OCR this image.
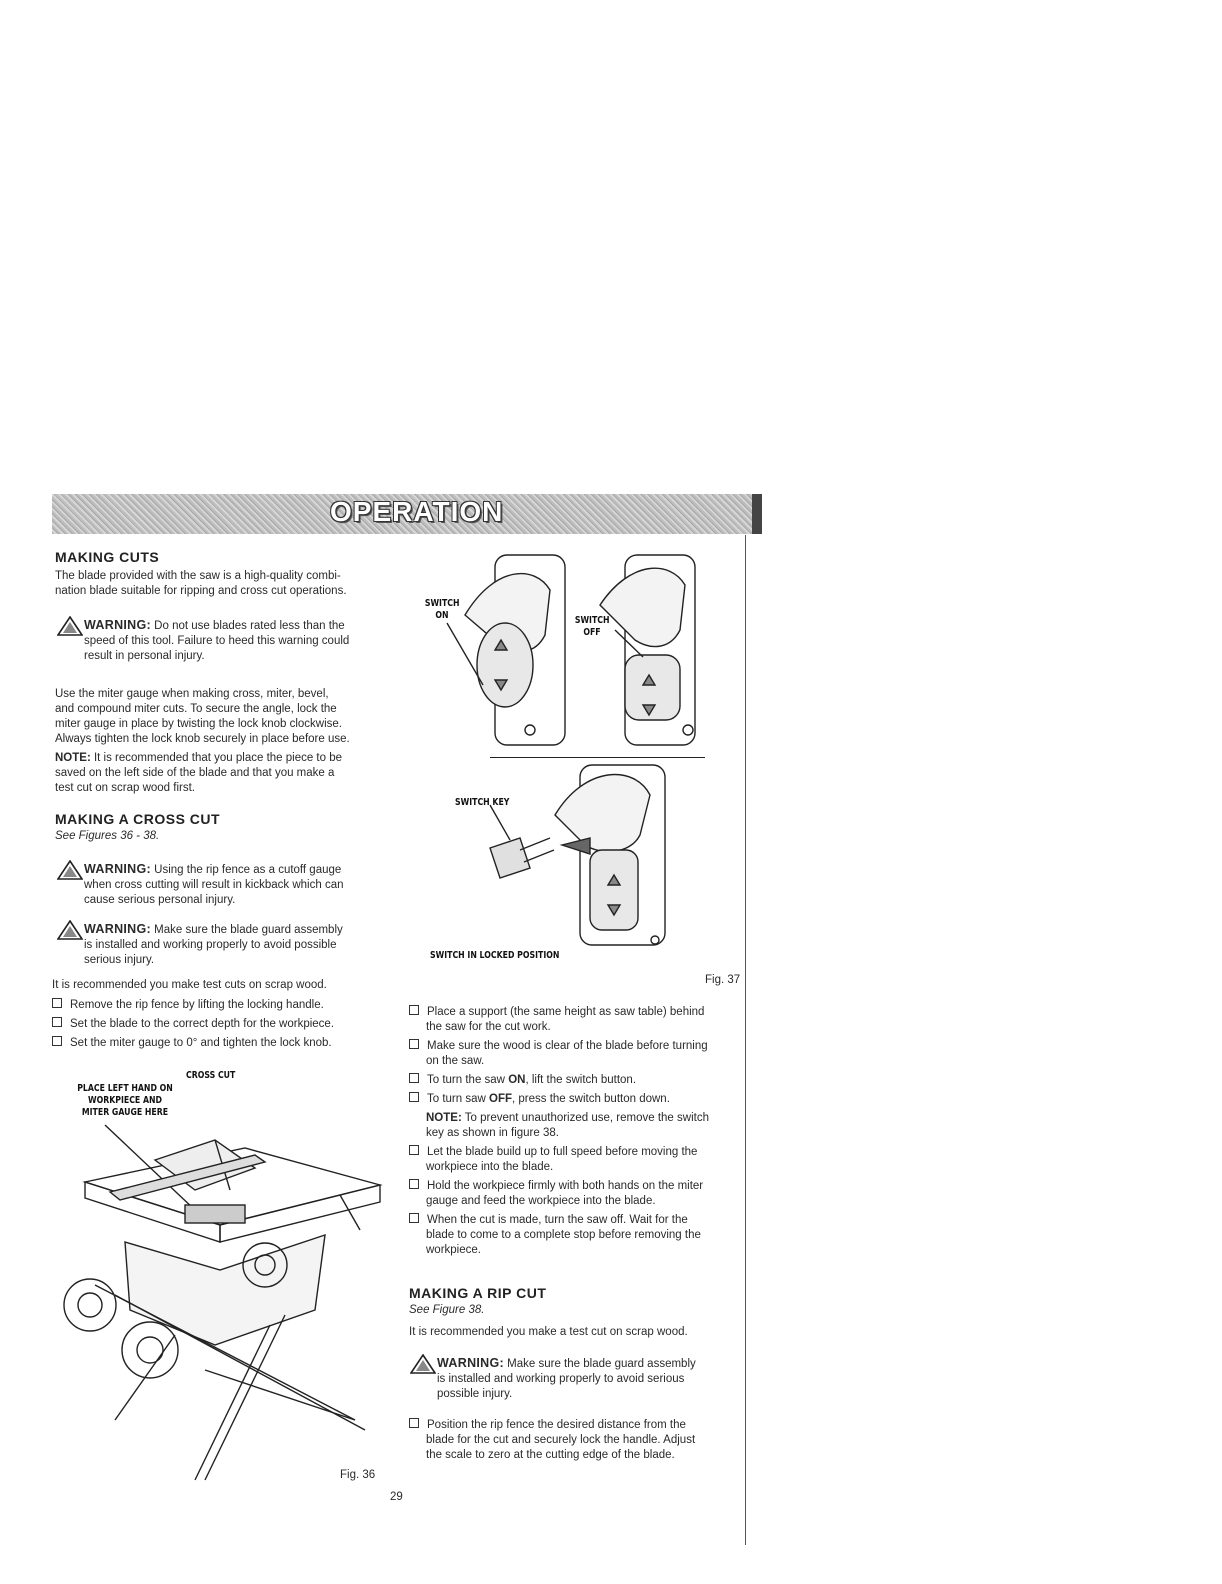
OPERATION
MAKING CUTS
The blade provided with the saw is a high-quality combi-
nation blade suitable for ripping and cross cut operations.
WARNING: Do not use blades rated less than the
speed of this tool. Failure to heed this warning could
result in personal injury.
Use the miter gauge when making cross, miter, bevel,
and compound miter cuts. To secure the angle, lock the
miter gauge in place by twisting the lock knob clockwise.
Always tighten the lock knob securely in place before use.
NOTE: It is recommended that you place the piece to be
saved on the left side of the blade and that you make a
test cut on scrap wood first.
MAKING A CROSS CUT
See Figures 36 - 38.
WARNING: Using the rip fence as a cutoff gauge
when cross cutting will result in kickback which can
cause serious personal injury.
WARNING: Make sure the blade guard assembly
is installed and working properly to avoid possible
serious injury.
It is recommended you make test cuts on scrap wood.
Remove the rip fence by lifting the locking handle.
Set the blade to the correct depth for the workpiece.
Set the miter gauge to 0° and tighten the lock knob.
CROSS CUT
PLACE LEFT HAND ON
WORKPIECE AND
MITER GAUGE HERE
Fig. 36
29
SWITCH
ON	SWITCH
OFF
SWITCH KEY
SWITCH IN LOCKED POSITION
Fig. 37
Place a support (the same height as saw table) behind
the saw for the cut work.
Make sure the wood is clear of the blade before turning
on the saw.
To turn the saw ON, lift the switch button.
To turn saw OFF, press the switch button down.
NOTE: To prevent unauthorized use, remove the switch
key as shown in figure 38.
Let the blade build up to full speed before moving the
workpiece into the blade.
Hold the workpiece firmly with both hands on the miter
gauge and feed the workpiece into the blade.
When the cut is made, turn the saw off. Wait for the
blade to come to a complete stop before removing the
workpiece.
MAKING A RIP CUT
See Figure 38.
It is recommended you make a test cut on scrap wood.
WARNING: Make sure the blade guard assembly
is installed and working properly to avoid serious
possible injury.
Position the rip fence the desired distance from the
blade for the cut and securely lock the handle. Adjust
the scale to zero at the cutting edge of the blade.
